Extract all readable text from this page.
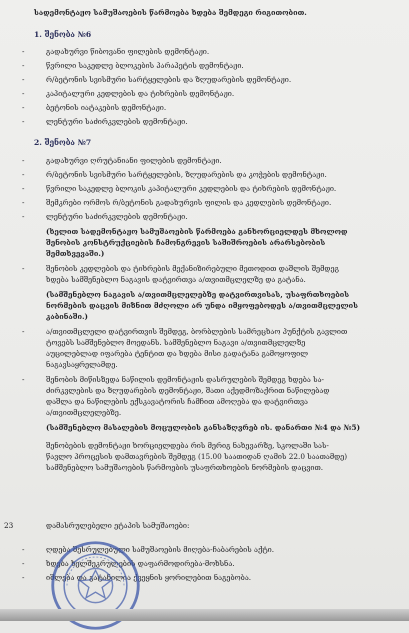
სადემონტაჟო სამუშაოების წარმოება ხდება შემდეგი რიგითობით.
1. შენობა №6
-	გადახურვი წიბოვანი ფილების დემონტაჟი.
-	წვრილი საკედლე ბლოკების პარაპეტის დემონტაჟი.
-	რ/ბეტონის სვისმური სარტყელების და ზღუდარების დემონტაჟი.
-	კაპიტალური კედლების და ტიხრების დემონტაჟი.
-	ბეტონის იატაკების დემონტაჟი.
-	ლენტური საძირკვლების დემონტაჟი.
2. შენობა №7
-	გადახურვი ღრუტანიანი ფილების დემონტაჟი.
-	რ/ბეტონის სვისმური სარტყელების, ზღუდარების და კოჭების დემონტაჟი.
-	წვრილი საკედლე ბლოკის კაპიტალური კედლების და ტიხრების დემონტაჟი.
-	შემკრები ორმოს რ/ბეტონის გადახურვის ფილის და კედლების დემონტაჟი.
-	ლენტური საძირკვლების დემონტაჟი.
(ხელით სადემონტაჟო სამუშაოების წარმოება განხორციელდეს მხოლოდ
შენობის კონსტრუქციების ჩამონგრევის საშიშროების არარსებობის
შემთხვევაში.)
-	შენობის კედლების და ტიხრების მექანიზირებული მეთოდით დაშლის შემდეგ
ხდება სამშენებლო ნაგავის დატვირთვა ა/თვითმცლელზე და გატანა.
(სამშენებლო ნაგავის ა/თვითმცლელებზე დატვირთვისას, უსაფრთხოების
ნორმების დაცვის მიზნით მძღოლი არ უნდა იმყოფებოდეს ა/თვითმცლელის
კაბინაში.)
-	ა/თვითმცლელი დატვირთვის შემდეგ, ბორბლების სამრეცხაო პუნქტის გავლით
ტოვებს სამშენებლო მოედანს. სამშენებლო ნაგავი ა/თვითმცლელზე
აუცილებლად იფარება ტენტით და ხდება მისი გადატანა გამოყოფილ
ნაგავსაყრელამდე.
-	შენობის მიწისზედა ნაწილის დემონტაჟის დასრულების შემდეგ ხდება სა-
ძირკვლების და ზღუდარების დემონტაჟი, შათი აქედმოზაქრით ნაწილებად
დაშლა და ნაწილების ექსკავატორის ჩამჩით ამოღება და დატვირთვა
ა/თვითმცლელებზე.
(სამშენებლო მასალების მოცულობის განსაზღვრებ ის. დანართი №4 და №5)
შენობების დემონტაჟი ხორციელდება რის მერიგ ნახევარზე, სკოლაში სას-
წავლო პროცესის დამთავრების შემდეგ (15.00 საათიდან ღამის 22.0 საათამდე)
სამშენებლო სამუშაოების წარმოების უსაფრთხოების ნორმების დაცვით.
23	დამასრულებელი ეტაპის სამუშაოები:
-	ღდება შესრულებული სამუშაოების მიღება-ჩაბარების აქტი.
-	ხდება ხელშეკრულების დაფარმოდირება-მოხსნა.
-	იშლება და გატანილია ქვეყნის ყორილებით ნაგებობა.
